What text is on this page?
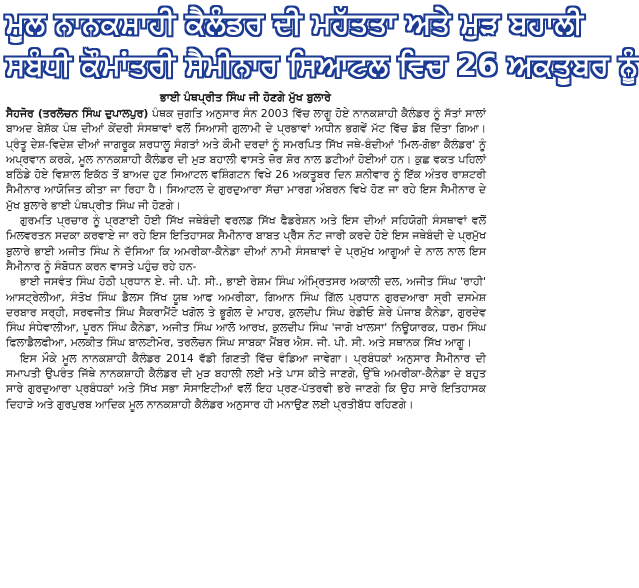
ਮੂਲ ਨਾਨਕਸ਼ਾਹੀ ਕੈਲੰਡਰ ਦੀ ਮਹੱਤਤਾ ਅਤੇ ਮੁੜ ਬਹਾਲੀ
ਸਬੰਧੀ ਕੌਮਾਂਤਰੀ ਸੈਮੀਨਾਰ ਸਿਆਟਲ ਵਿਚ 26 ਅਕਤੂਬਰ ਨੂੰ
ਭਾਈ ਪੰਥਪ੍ਰੀਤ ਸਿੰਘ ਜੀ ਹੋਣਗੇ ਮੁੱਖ ਬੁਲਾਰੇ

ਸੈਹਜੋਰ (ਤਰਲੋਚਨ ਸਿੰਘ ਦੁਪਾਲਪੁਰ) ਪੰਥਕ ਜੁਗਤਿ ਅਨੁਸਾਰ ਸੰਨ 2003 ਵਿੱਚ ਲਾਗੂ ਹੋਏ ਨਾਨਕਸ਼ਾਹੀ ਕੈਲੰਡਰ ਨੂੰ ਸੱਤਾਂ ਸਾਲਾਂ ਬਾਅਦ ਬੇਸ਼ੱਕ ਪੰਥ ਦੀਆਂ ਕੇਂਦਰੀ ਸੰਸਥਾਵਾਂ ਵਲੋਂ ਸਿਆਸੀ ਗੁਲਾਮੀ ਦੇ ਪ੍ਰਭਾਵਾਂ ਅਧੀਨ ਭਗਵੇਂ ਮੱਟ ਵਿੱਚ ਡੋਬ ਦਿੱਤਾ ਗਿਆ। ਪ੍ਰੰਤੂ ਦੇਸ਼-ਵਿਦੇਸ਼ ਦੀਆਂ ਜਾਗਰੂਕ ਸ਼ਰਧਾਲੂ ਸੰਗਤਾਂ ਅਤੇ ਕੌਮੀ ਦਰਦਾਂ ਨੂੰ ਸਮਰਪਿਤ ਸਿੱਖ ਜਥੇ-ਬੰਦੀਆਂ 'ਮਿਲ-ਗੋਭਾ ਕੈਲੰਡਰ' ਨੂੰ ਅਪ੍ਰਵਾਨ ਕਰਕੇ, ਮੂਲ ਨਾਨਕਸ਼ਾਹੀ ਕੈਲੰਡਰ ਦੀ ਮੁੜ ਬਹਾਲੀ ਵਾਸਤੇ ਜ਼ੋਰ ਸ਼ੋਰ ਨਾਲ ਡਟੀਆਂ ਹੋਈਆਂ ਹਨ। ਕੁਛ ਵਕਤ ਪਹਿਲਾਂ ਬਠਿੰਡੇ ਹੋਏ ਵਿਸ਼ਾਲ ਇਕੱਠ ਤੋਂ ਬਾਅਦ ਹੁਣ ਸਿਆਟਲ ਵਸ਼ਿੰਗਟਨ ਵਿਖੇ 26 ਅਕਤੂਬਰ ਦਿਨ ਸ਼ਨੀਵਾਰ ਨੂੰ ਇੱਕ ਅੰਤਰ ਰਾਸ਼ਟਰੀ ਸੈਮੀਨਾਰ ਆਯੋਜਿਤ ਕੀਤਾ ਜਾ ਰਿਹਾ ਹੈ। ਸਿਆਟਲ ਦੇ ਗੁਰਦੁਆਰਾ ਸੱਚਾ ਮਾਰਗ ਔਬਰਨ ਵਿਖੇ ਹੋਣ ਜਾ ਰਹੇ ਇਸ ਸੈਮੀਨਾਰ ਦੇ ਮੁੱਖ ਬੁਲਾਰੇ ਭਾਈ ਪੰਥਪ੍ਰੀਤ ਸਿੰਘ ਜੀ ਹੋਣਗੇ।

ਗੁਰਮਤਿ ਪ੍ਰਚਾਰ ਨੂੰ ਪ੍ਰਣਾਈ ਹੋਈ ਸਿੱਖ ਜਥੇਬੰਦੀ ਵਰਲਡ ਸਿੱਖ ਫੈਡਰੇਸ਼ਨ ਅਤੇ ਇਸ ਦੀਆਂ ਸਹਿਯੋਗੀ ਸੰਸਥਾਵਾਂ ਵਲੋਂ ਮਿਲਵਰਤਨ ਸਦਕਾ ਕਰਵਾਏ ਜਾ ਰਹੇ ਇਸ ਇਤਿਹਾਸਕ ਸੈਮੀਨਾਰ ਬਾਬਤ ਪ੍ਰੈੱਸ ਨੋਟ ਜਾਰੀ ਕਰਦੇ ਹੋਏ ਇਸ ਜਥੇਬੰਦੀ ਦੇ ਪ੍ਰਮੁੱਖ ਬੁਲਾਰੇ ਭਾਈ ਅਜੀਤ ਸਿੰਘ ਨੇ ਦੱਸਿਆ ਕਿ ਅਮਰੀਕਾ-ਕੈਨੇਡਾ ਦੀਆਂ ਨਾਮੀ ਸੰਸਥਾਵਾਂ ਦੇ ਪ੍ਰਮੁੱਖ ਆਗੂਆਂ ਦੇ ਨਾਲ ਨਾਲ ਇਸ ਸੈਮੀਨਾਰ ਨੂੰ ਸੰਬੋਧਨ ਕਰਨ ਵਾਸਤੇ ਪਹੁੰਚ ਰਹੇ ਹਨ-

ਭਾਈ ਜਸਵੰਤ ਸਿੰਘ ਹੋਠੀ ਪ੍ਰਧਾਨ ਏ. ਜੀ. ਪੀ. ਸੀ., ਭਾਈ ਰੇਸ਼ਮ ਸਿੰਘ ਅੰਮ੍ਰਿਤਸਰ ਅਕਾਲੀ ਦਲ, ਅਜੀਤ ਸਿੰਘ 'ਰਾਹੀ' ਆਸਟ੍ਰੇਲੀਆ, ਸੰਤੋਖ ਸਿੰਘ ਡੈਲਸ ਸਿੱਖ ਯੂਥ ਆਫ ਅਮਰੀਕਾ, ਗਿਆਨ ਸਿੰਘ ਗਿੱਲ ਪ੍ਰਧਾਨ ਗੁਰਦਆਰਾ ਸ੍ਰੀ ਦਸਮੇਸ਼ ਦਰਬਾਰ ਸਰ੍ਹੀ, ਸਰਵਜੀਤ ਸਿੰਘ ਸੈਕਰਾਮੈਂਟੋ ਖਗੋਲ ਤੇ ਭੂਗੋਲ ਦੇ ਮਾਹਰ, ਕੁਲਦੀਪ ਸਿੰਘ ਰੇਡੀਓ ਸ਼ੇਰੇ ਪੰਜਾਬ ਕੈਨੇਡਾ, ਗੁਰਦੇਵ ਸਿੰਘ ਸੰਧੇਵਾਲੀਆ, ਪੂਰਨ ਸਿੰਘ ਕੈਨੇਡਾ, ਅਜੀਤ ਸਿੰਘ ਆਲੋ ਆਰਖ, ਕੁਲਦੀਪ ਸਿੰਘ 'ਜਾਗੋ ਖਾਲਸਾ' ਨਿਊਯਾਰਕ, ਧਰਮ ਸਿੰਘ ਫਿਲਾਡੈਲਫੀਆ, ਮਲਕੀਤ ਸਿੰਘ ਬਾਲਟੀਮੋਰ, ਤਰਲੋਚਨ ਸਿੰਘ ਸਾਬਕਾ ਮੈਂਬਰ ਐਸ. ਜੀ. ਪੀ. ਸੀ. ਅਤੇ ਸਥਾਨਕ ਸਿੱਖ ਆਗੂ।

ਇਸ ਮੌਕੇ ਮੂਲ ਨਾਨਕਸ਼ਾਹੀ ਕੈਲੰਡਰ 2014 ਵੱਡੀ ਗਿਣਤੀ ਵਿੱਚ ਵੰਡਿਆ ਜਾਵੇਗਾ। ਪ੍ਰਬੰਧਕਾਂ ਅਨੁਸਾਰ ਸੈਮੀਨਾਰ ਦੀ ਸਮਾਪਤੀ ਉਪਰੰਤ ਜਿੱਥੇ ਨਾਨਕਸ਼ਾਹੀ ਕੈਲੰਡਰ ਦੀ ਮੁੜ ਬਹਾਲੀ ਲਈ ਮਤੇ ਪਾਸ ਕੀਤੇ ਜਾਣਗੇ, ਉੱਥੇ ਅਮਰੀਕਾ-ਕੈਨੇਡਾ ਦੇ ਬਹੁਤ ਸਾਰੇ ਗੁਰਦੁਆਰਾ ਪ੍ਰਬੰਧਕਾਂ ਅਤੇ ਸਿੱਖ ਸਭਾ ਸੋਸਾਇਟੀਆਂ ਵਲੋਂ ਇਹ ਪ੍ਰਣ-ਪੱਤਰਵੀ ਭਰੇ ਜਾਣਗੇ ਕਿ ਉਹ ਸਾਰੇ ਇਤਿਹਾਸਕ ਦਿਹਾੜੇ ਅਤੇ ਗੁਰਪੁਰਬ ਆਦਿਕ ਮੂਲ ਨਾਨਕਸ਼ਾਹੀ ਕੈਲੰਡਰ ਅਨੁਸਾਰ ਹੀ ਮਨਾਉਣ ਲਈ ਪ੍ਰਤੀਬੱਧ ਰਹਿਣਗੇ।
